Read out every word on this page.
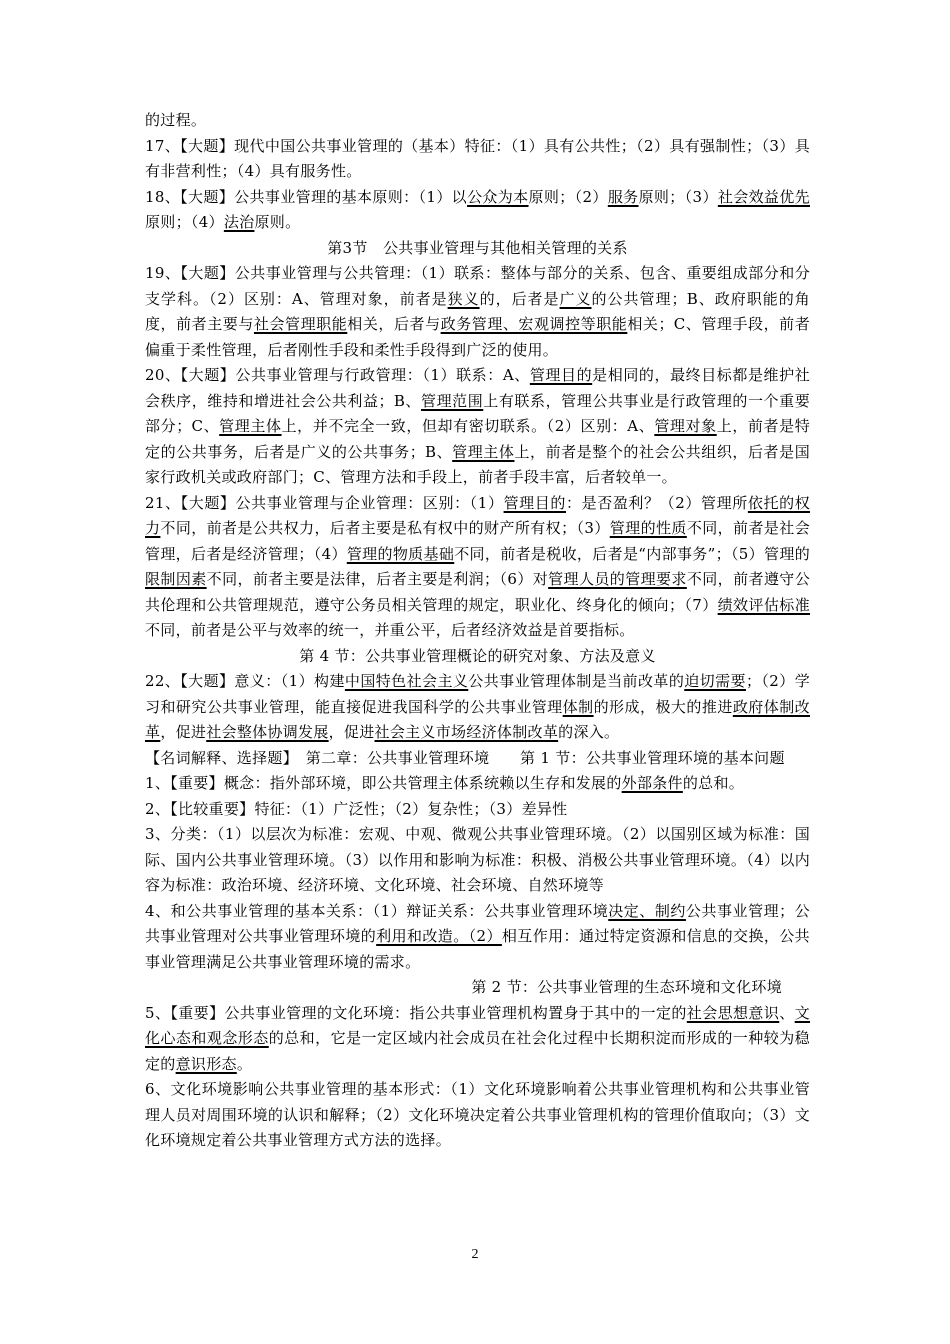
的过程。

17、【大题】现代中国公共事业管理的（基本）特征：（1）具有公共性；（2）具有强制性；（3）具有非营利性；（4）具有服务性。

18、【大题】公共事业管理的基本原则：（1）以公众为本原则；（2）服务原则；（3）社会效益优先原则；（4）法治原则。

第3节　公共事业管理与其他相关管理的关系

19、【大题】公共事业管理与公共管理：（1）联系：整体与部分的关系、包含、重要组成部分和分支学科。（2）区别：A、管理对象，前者是狭义的，后者是广义的公共管理；B、政府职能的角度，前者主要与社会管理职能相关，后者与政务管理、宏观调控等职能相关；C、管理手段，前者偏重于柔性管理，后者刚性手段和柔性手段得到广泛的使用。

20、【大题】公共事业管理与行政管理：（1）联系：A、管理目的是相同的，最终目标都是维护社会秩序，维持和增进社会公共利益；B、管理范围上有联系，管理公共事业是行政管理的一个重要部分；C、管理主体上，并不完全一致，但却有密切联系。（2）区别：A、管理对象上，前者是特定的公共事务，后者是广义的公共事务；B、管理主体上，前者是整个的社会公共组织，后者是国家行政机关或政府部门；C、管理方法和手段上，前者手段丰富，后者较单一。

21、【大题】公共事业管理与企业管理：区别：（1）管理目的：是否盈利？（2）管理所依托的权力不同，前者是公共权力，后者主要是私有权中的财产所有权；（3）管理的性质不同，前者是社会管理，后者是经济管理；（4）管理的物质基础不同，前者是税收，后者是“内部事务”；（5）管理的限制因素不同，前者主要是法律，后者主要是利润；（6）对管理人员的管理要求不同，前者遵守公共伦理和公共管理规范，遵守公务员相关管理的规定，职业化、终身化的倾向；（7）绩效评估标准不同，前者是公平与效率的统一，并重公平，后者经济效益是首要指标。

第 4 节：公共事业管理概论的研究对象、方法及意义

22、【大题】意义：（1）构建中国特色社会主义公共事业管理体制是当前改革的迫切需要；（2）学习和研究公共事业管理，能直接促进我国科学的公共事业管理体制的形成，极大的推进政府体制改革，促进社会整体协调发展，促进社会主义市场经济体制改革的深入。

【名词解释、选择题】　第二章：公共事业管理环境　　第 1 节：公共事业管理环境的基本问题

1、【重要】概念：指外部环境，即公共管理主体系统赖以生存和发展的外部条件的总和。

2、【比较重要】特征：（1）广泛性；（2）复杂性；（3）差异性

3、分类：（1）以层次为标准：宏观、中观、微观公共事业管理环境。（2）以国别区域为标准：国际、国内公共事业管理环境。（3）以作用和影响为标准：积极、消极公共事业管理环境。（4）以内容为标准：政治环境、经济环境、文化环境、社会环境、自然环境等

4、和公共事业管理的基本关系：（1）辩证关系：公共事业管理环境决定、制约公共事业管理；公共事业管理对公共事业管理环境的利用和改造。（2）相互作用：通过特定资源和信息的交换，公共事业管理满足公共事业管理环境的需求。

第 2 节：公共事业管理的生态环境和文化环境

5、【重要】公共事业管理的文化环境：指公共事业管理机构置身于其中的一定的社会思想意识、文化心态和观念形态的总和，它是一定区域内社会成员在社会化过程中长期积淀而形成的一种较为稳定的意识形态。

6、文化环境影响公共事业管理的基本形式：（1）文化环境影响着公共事业管理机构和公共事业管理人员对周围环境的认识和解释；（2）文化环境决定着公共事业管理机构的管理价值取向；（3）文化环境规定着公共事业管理方式方法的选择。

2
